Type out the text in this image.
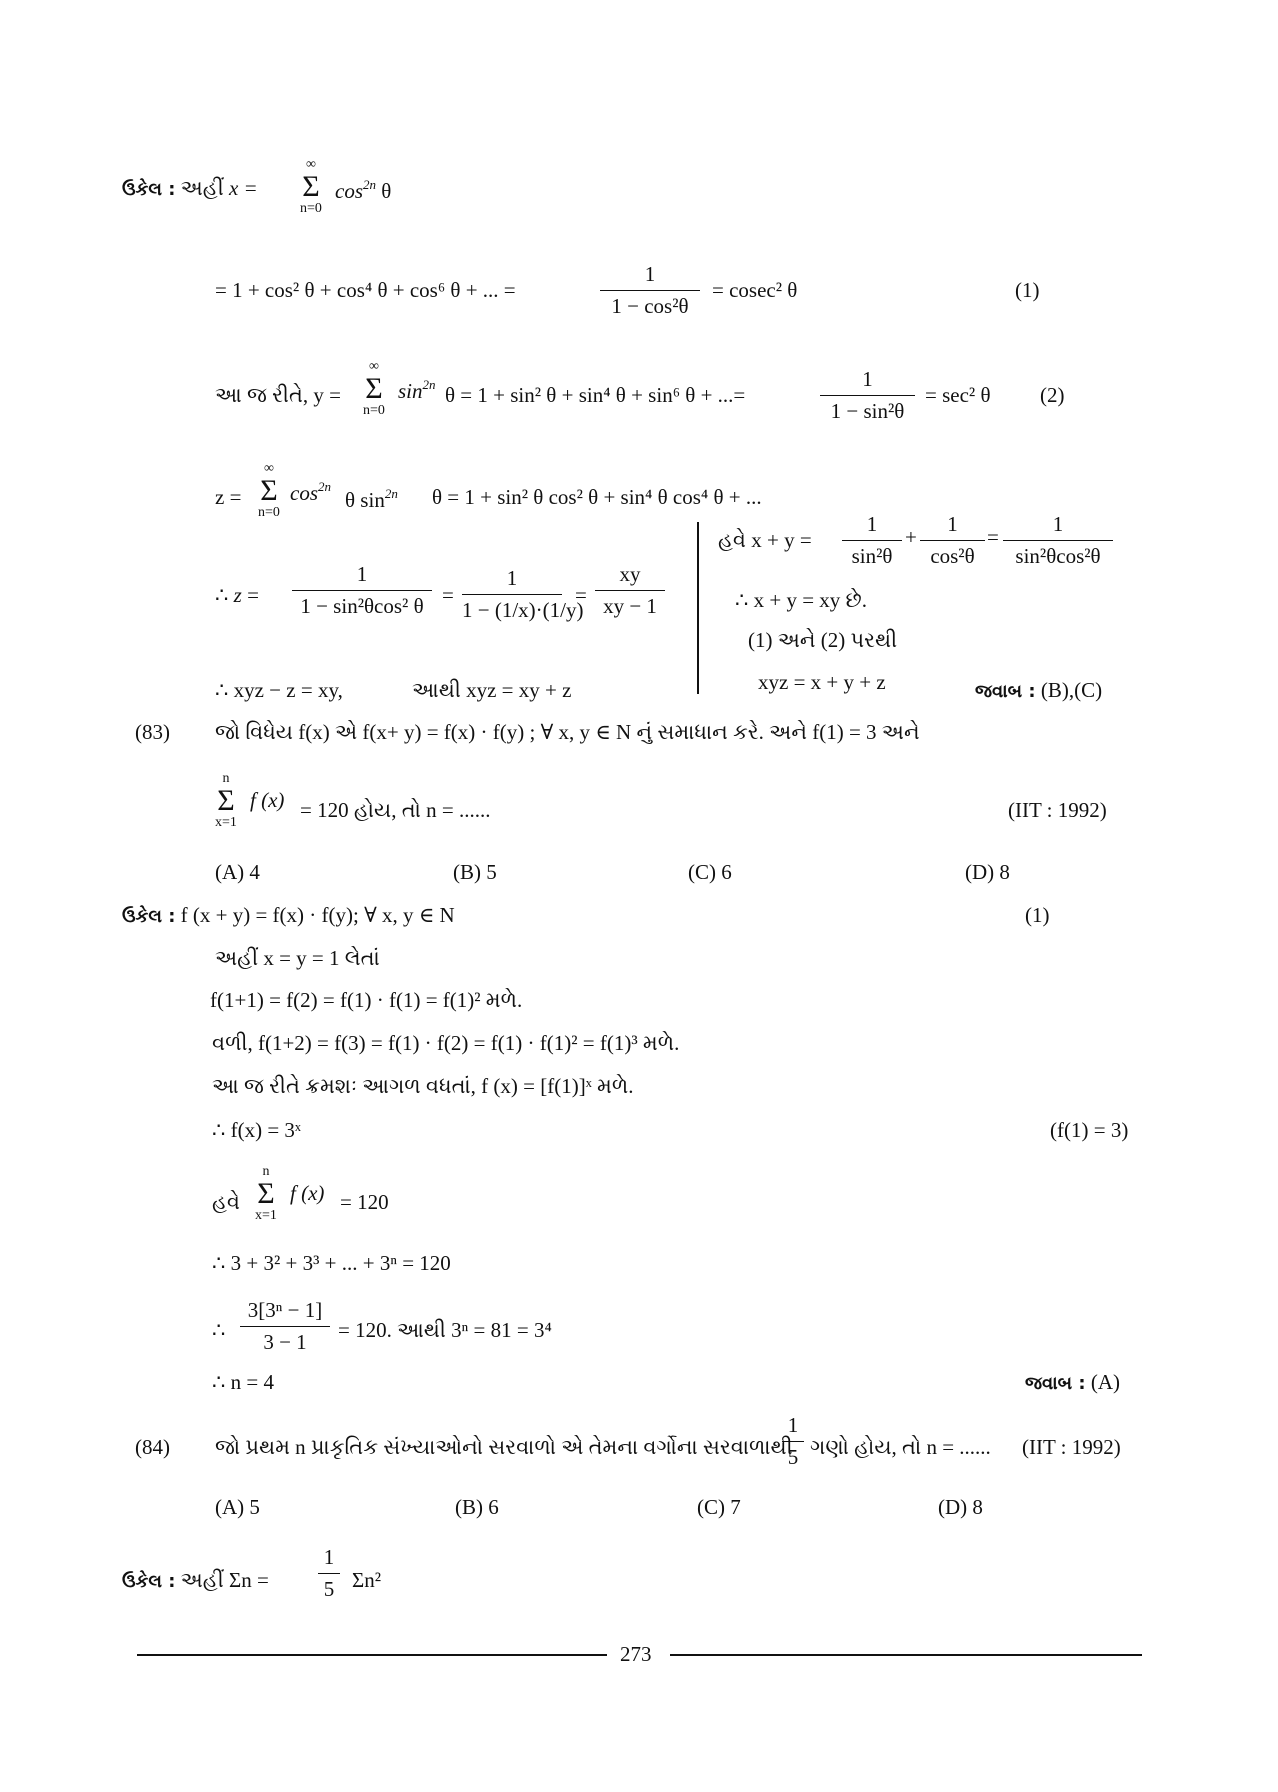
ઉકેલ : અહીં x =
∞
Σ
n=0
$\cos^{2n} \theta$
= 1 + cos² θ + cos⁴ θ + cos⁶ θ + ... =
1
1 − cos²θ
= cosec² θ	(1)
આ જ રીતે, y =
∞
Σ
n=0
$\sin^{2n} \theta = 1 + \sin^2$ θ + sin⁴ θ + sin⁶ θ + ...=
1
1 − sin²θ
= sec² θ (2)
z =
∞
Σ
n=0
$\cos^{2n}$
θ $\sin^{2n} \theta = 1 + \sin^2$ θ cos² θ + sin⁴ θ cos⁴ θ + ...
∴ z =
1
1 − sin²θcos² θ =
1
1 − (1/x)·(1/y)
=
xy
xy − 1
∴ xyz − z = xy,	આથી xyz = xy + z
હવે x + y =
1
sin²θ
+
1
cos²θ
=
1
sin²θcos²θ
∴ x + y = xy છે.
(1) અને (2) પરથી
xyz = x + y + z	જવાબ : (B),(C)
(83) જો વિધેય f(x) એ f(x+ y) = f(x) · f(y) ; ∀ x, y ∈ N નું સમાધાન કરે. અને f(1) = 3 અને
n
Σ
x=1
f (x) = 120 હોય, તો n = ......	(IIT : 1992)
(A) 4	(B) 5	(C) 6	(D) 8
ઉકેલ : f (x + y) = f(x) · f(y); ∀ x, y ∈ N	(1)
અહીં x = y = 1 લેતાં
f(1+1) = f(2) = f(1) · f(1) = f(1)² મળે.
વળી, f(1+2) = f(3) = f(1) · f(2) = f(1) · f(1)² = f(1)³ મળે.
આ જ રીતે ક્રમશઃ આગળ વધતાં, f (x) = [f(1)]ˣ મળે.
∴ f(x) = 3ˣ	(f(1) = 3)
હવે
n
Σ
x=1
f (x) = 120
∴ 3 + 3² + 3³ + ... + 3ⁿ = 120
∴
3[3ⁿ − 1]
3 − 1	= 120. આથી 3ⁿ = 81 = 3⁴
∴ n = 4	જવાબ : (A)
(84) જો પ્રથમ n પ્રાકૃતિક સંખ્યાઓનો સરવાળો એ તેમના વર્ગોના સરવાળાથી
1
5 ગણો હોય, તો n = ...... (IIT : 1992)
(A) 5	(B) 6	(C) 7	(D) 8
ઉકેલ : અહીં Σn =
1
5 Σn²
273
